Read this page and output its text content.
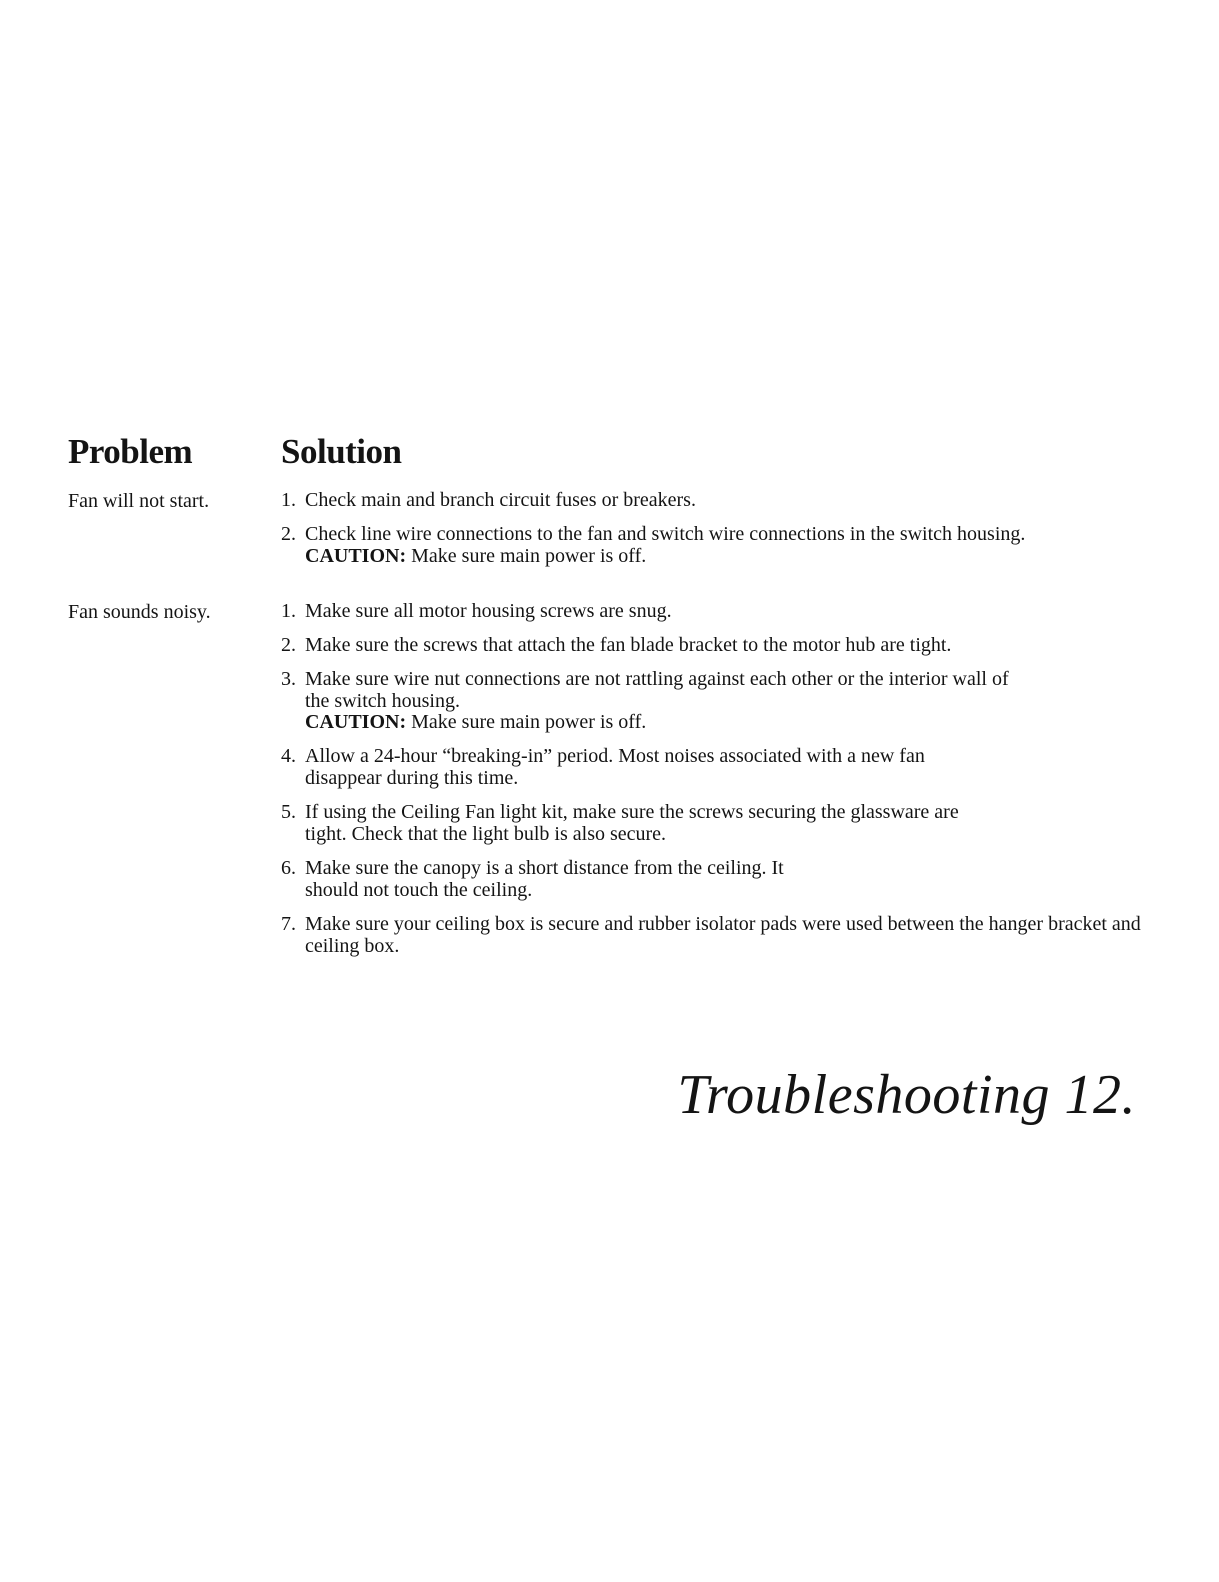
Problem	Solution
Fan will not start.	1. Check main and branch circuit fuses or breakers.
2. Check line wire connections to the fan and switch wire connections in the switch housing.
CAUTION: Make sure main power is off.
Fan sounds noisy.	1. Make sure all motor housing screws are snug.
2. Make sure the screws that attach the fan blade bracket to the motor hub are tight.
3. Make sure wire nut connections are not rattling against each other or the interior wall of the switch housing.
CAUTION: Make sure main power is off.
4. Allow a 24-hour “breaking-in” period. Most noises associated with a new fan disappear during this time.
5. If using the Ceiling Fan light kit, make sure the screws securing the glassware are tight. Check that the light bulb is also secure.
6. Make sure the canopy is a short distance from the ceiling. It should not touch the ceiling.
7. Make sure your ceiling box is secure and rubber isolator pads were used between the hanger bracket and ceiling box.
Troubleshooting 12.
